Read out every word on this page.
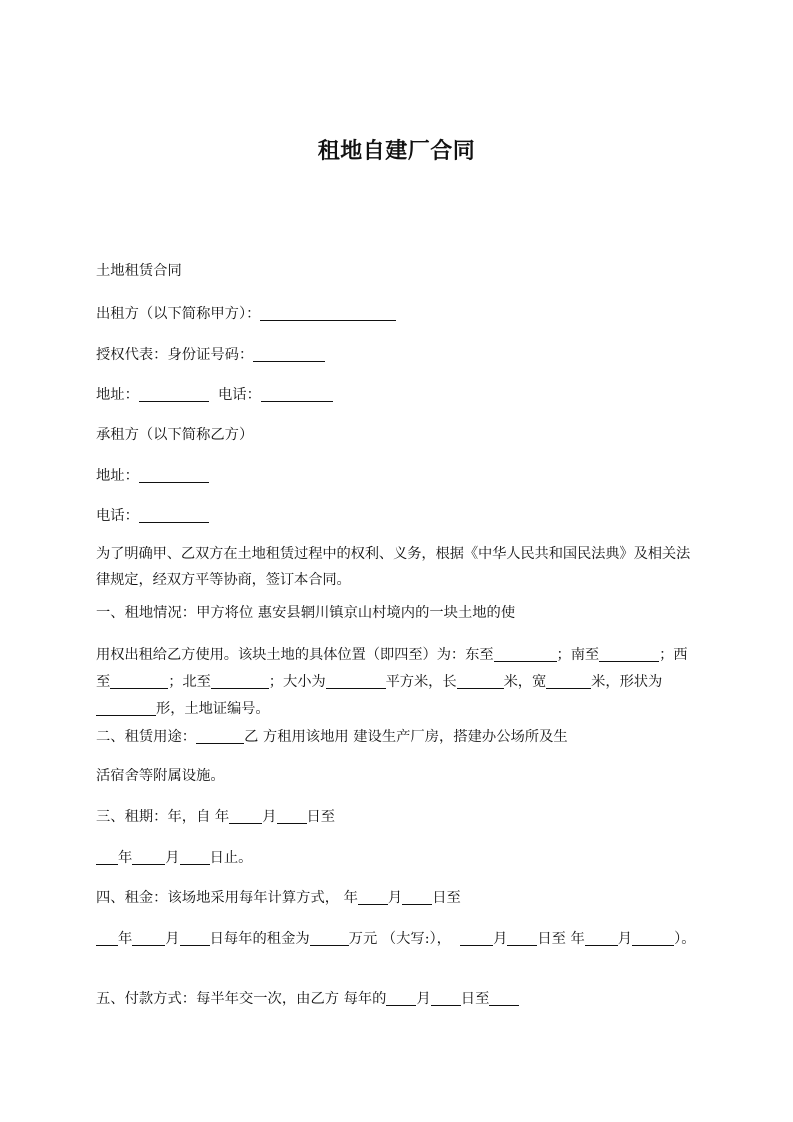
租地自建厂合同
土地租赁合同
出租方（以下简称甲方）：
授权代表：身份证号码：
地址：	电话：
承租方（以下简称乙方）
地址：
电话：
为了明确甲、乙双方在土地租赁过程中的权利、义务，根据《中华人民共和国民法典》及相关法律规定，经双方平等协商，签订本合同。
一、租地情况：甲方将位 惠安县辋川镇京山村境内的一块土地的使
用权出租给乙方使用。该块土地的具体位置（即四至）为：东至	；南至	；西至	；北至	；大小为	平方米，长	米，宽	米，形状为形，土地证编号。
二、租赁用途：	乙 方租用该地用 建设生产厂房，搭建办公场所及生
活宿舍等附属设施。
三、租期：年，自 年 月 日至
年 月 日止。
四、租金：该场地采用每年计算方式， 年 月 日至
年 月 日每年的租金为	万元 （大写:），	月 日至 年 月	）。
五、付款方式：每半年交一次，由乙方 每年的 月 日至
